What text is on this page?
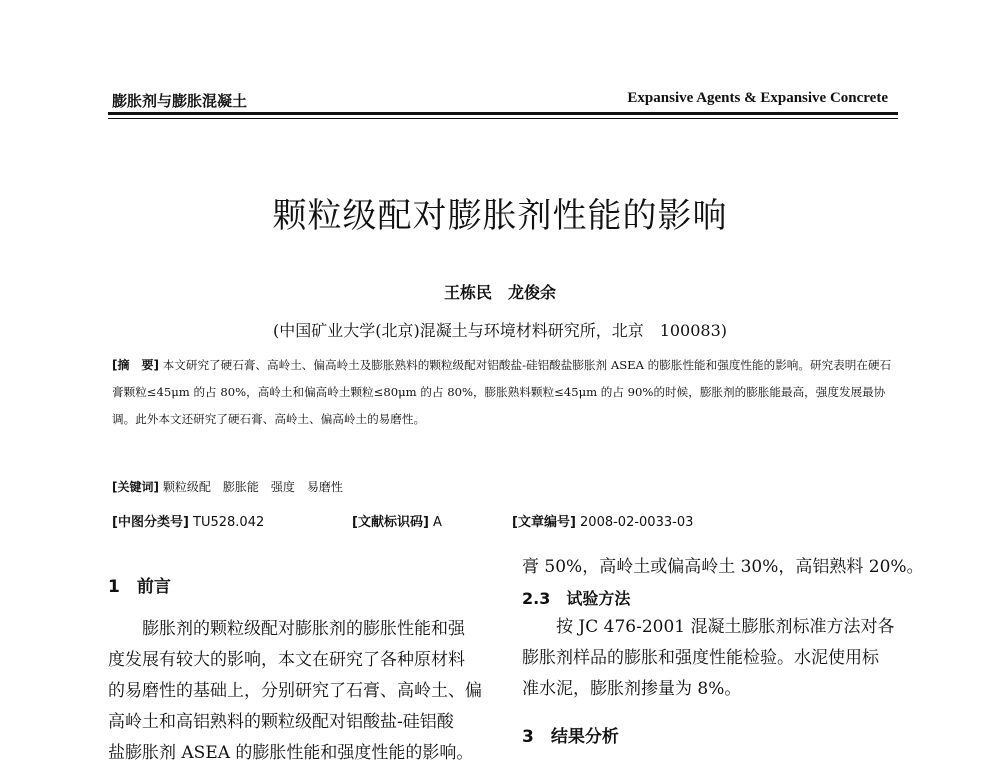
膨胀剂与膨胀混凝土	Expansive Agents & Expansive Concrete
颗粒级配对膨胀剂性能的影响
王栋民　龙俊余
(中国矿业大学(北京)混凝土与环境材料研究所，北京　100083)
[摘　要] 本文研究了硬石膏、高岭土、偏高岭土及膨胀熟料的颗粒级配对铝酸盐-硅铝酸盐膨胀剂 ASEA 的膨胀性能和强度性能的影响。研究表明在硬石膏颗粒≤45μm 的占 80%，高岭土和偏高岭土颗粒≤80μm 的占 80%，膨胀熟料颗粒≤45μm 的占 90%的时候，膨胀剂的膨胀能最高，强度发展最协调。此外本文还研究了硬石膏、高岭土、偏高岭土的易磨性。
[关键词] 颗粒级配　膨胀能　强度　易磨性
[中图分类号] TU528.042	[文献标识码] A	[文章编号] 2008-02-0033-03
1　前言
膨胀剂的颗粒级配对膨胀剂的膨胀性能和强
度发展有较大的影响，本文在研究了各种原材料
的易磨性的基础上，分别研究了石膏、高岭土、偏
高岭土和高铝熟料的颗粒级配对铝酸盐-硅铝酸
盐膨胀剂 ASEA 的膨胀性能和强度性能的影响。
膏 50%，高岭土或偏高岭土 30%，高铝熟料 20%。
2.3　试验方法
按 JC 476-2001 混凝土膨胀剂标准方法对各
膨胀剂样品的膨胀和强度性能检验。水泥使用标
准水泥，膨胀剂掺量为 8%。
3　结果分析
